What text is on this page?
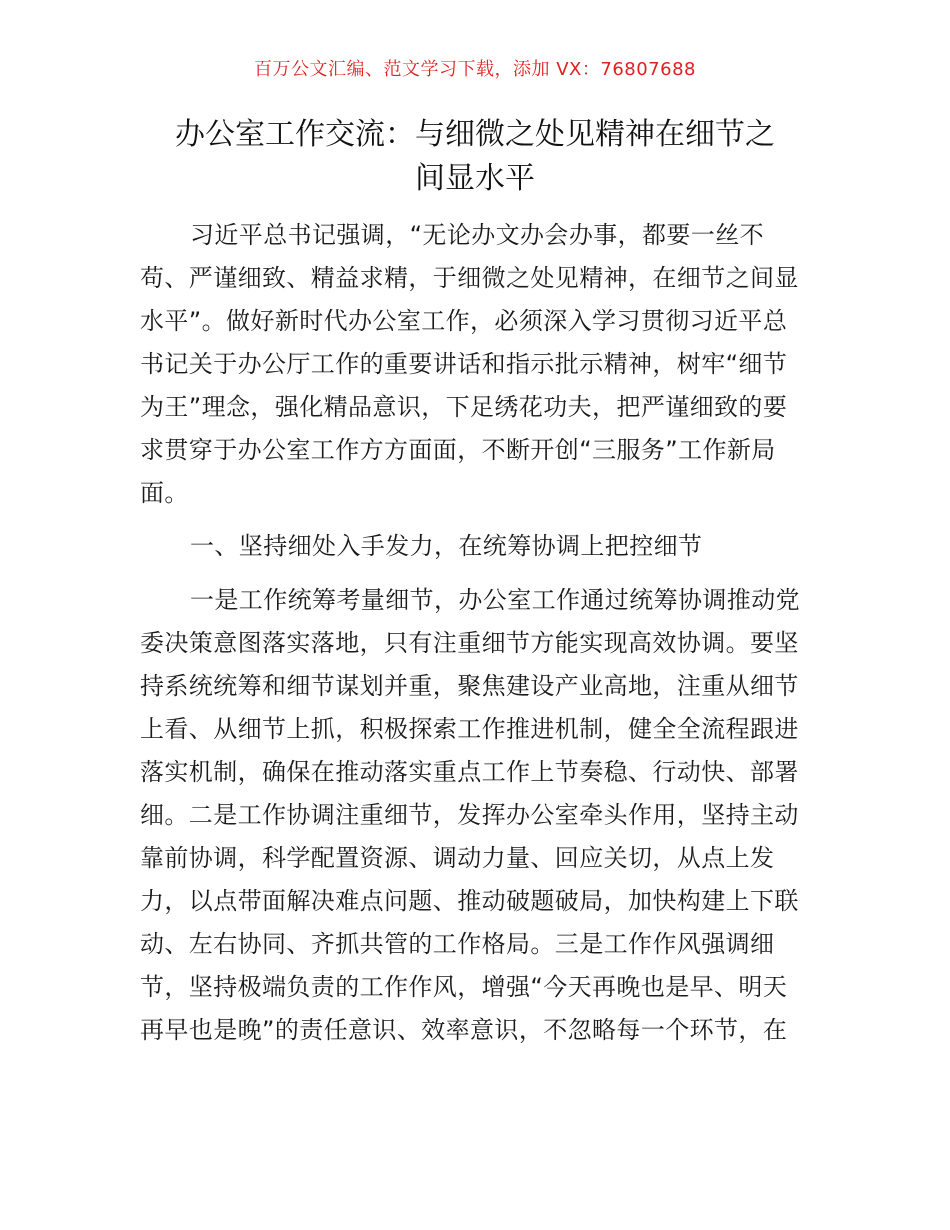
百万公文汇编、范文学习下载，添加 VX：76807688
办公室工作交流：与细微之处见精神在细节之
间显水平
习近平总书记强调，“无论办文办会办事，都要一丝不
苟、严谨细致、精益求精，于细微之处见精神，在细节之间显
水平”。做好新时代办公室工作，必须深入学习贯彻习近平总
书记关于办公厅工作的重要讲话和指示批示精神，树牢“细节
为王”理念，强化精品意识，下足绣花功夫，把严谨细致的要
求贯穿于办公室工作方方面面，不断开创“三服务”工作新局
面。
一、坚持细处入手发力，在统筹协调上把控细节
一是工作统筹考量细节，办公室工作通过统筹协调推动党
委决策意图落实落地，只有注重细节方能实现高效协调。要坚
持系统统筹和细节谋划并重，聚焦建设产业高地，注重从细节
上看、从细节上抓，积极探索工作推进机制，健全全流程跟进
落实机制，确保在推动落实重点工作上节奏稳、行动快、部署
细。二是工作协调注重细节，发挥办公室牵头作用，坚持主动
靠前协调，科学配置资源、调动力量、回应关切，从点上发
力，以点带面解决难点问题、推动破题破局，加快构建上下联
动、左右协同、齐抓共管的工作格局。三是工作作风强调细
节，坚持极端负责的工作作风，增强“今天再晚也是早、明天
再早也是晚”的责任意识、效率意识，不忽略每一个环节，在
